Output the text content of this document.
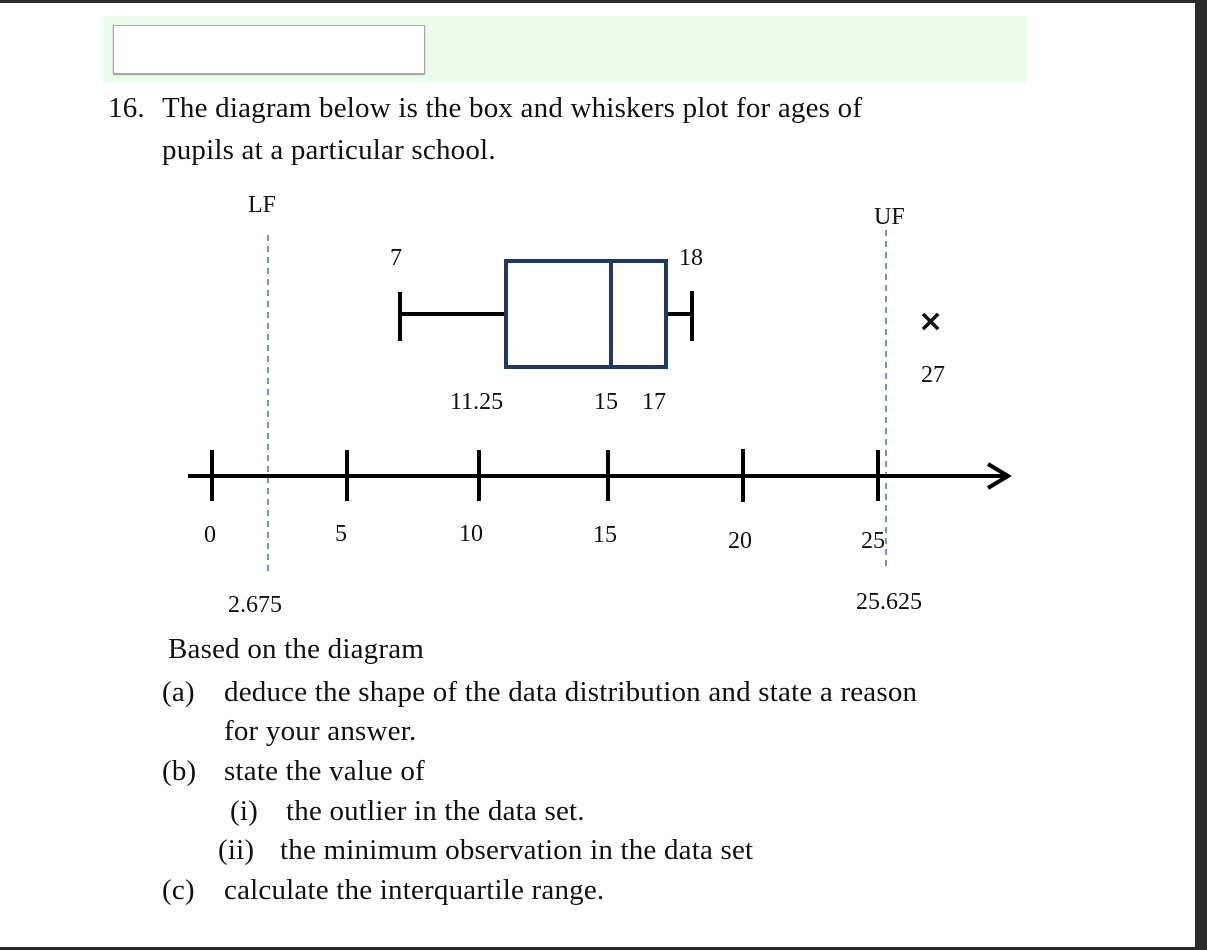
16. The diagram below is the box and whiskers plot for ages of
pupils at a particular school.
LF	UF
7	18
11.25	15 17
×
27
0	5	10	15	20	25
2.675	25.625
Based on the diagram
(a) deduce the shape of the data distribution and state a reason
for your answer.
(b) state the value of
(i) the outlier in the data set.
(ii) the minimum observation in the data set
(c) calculate the interquartile range.
